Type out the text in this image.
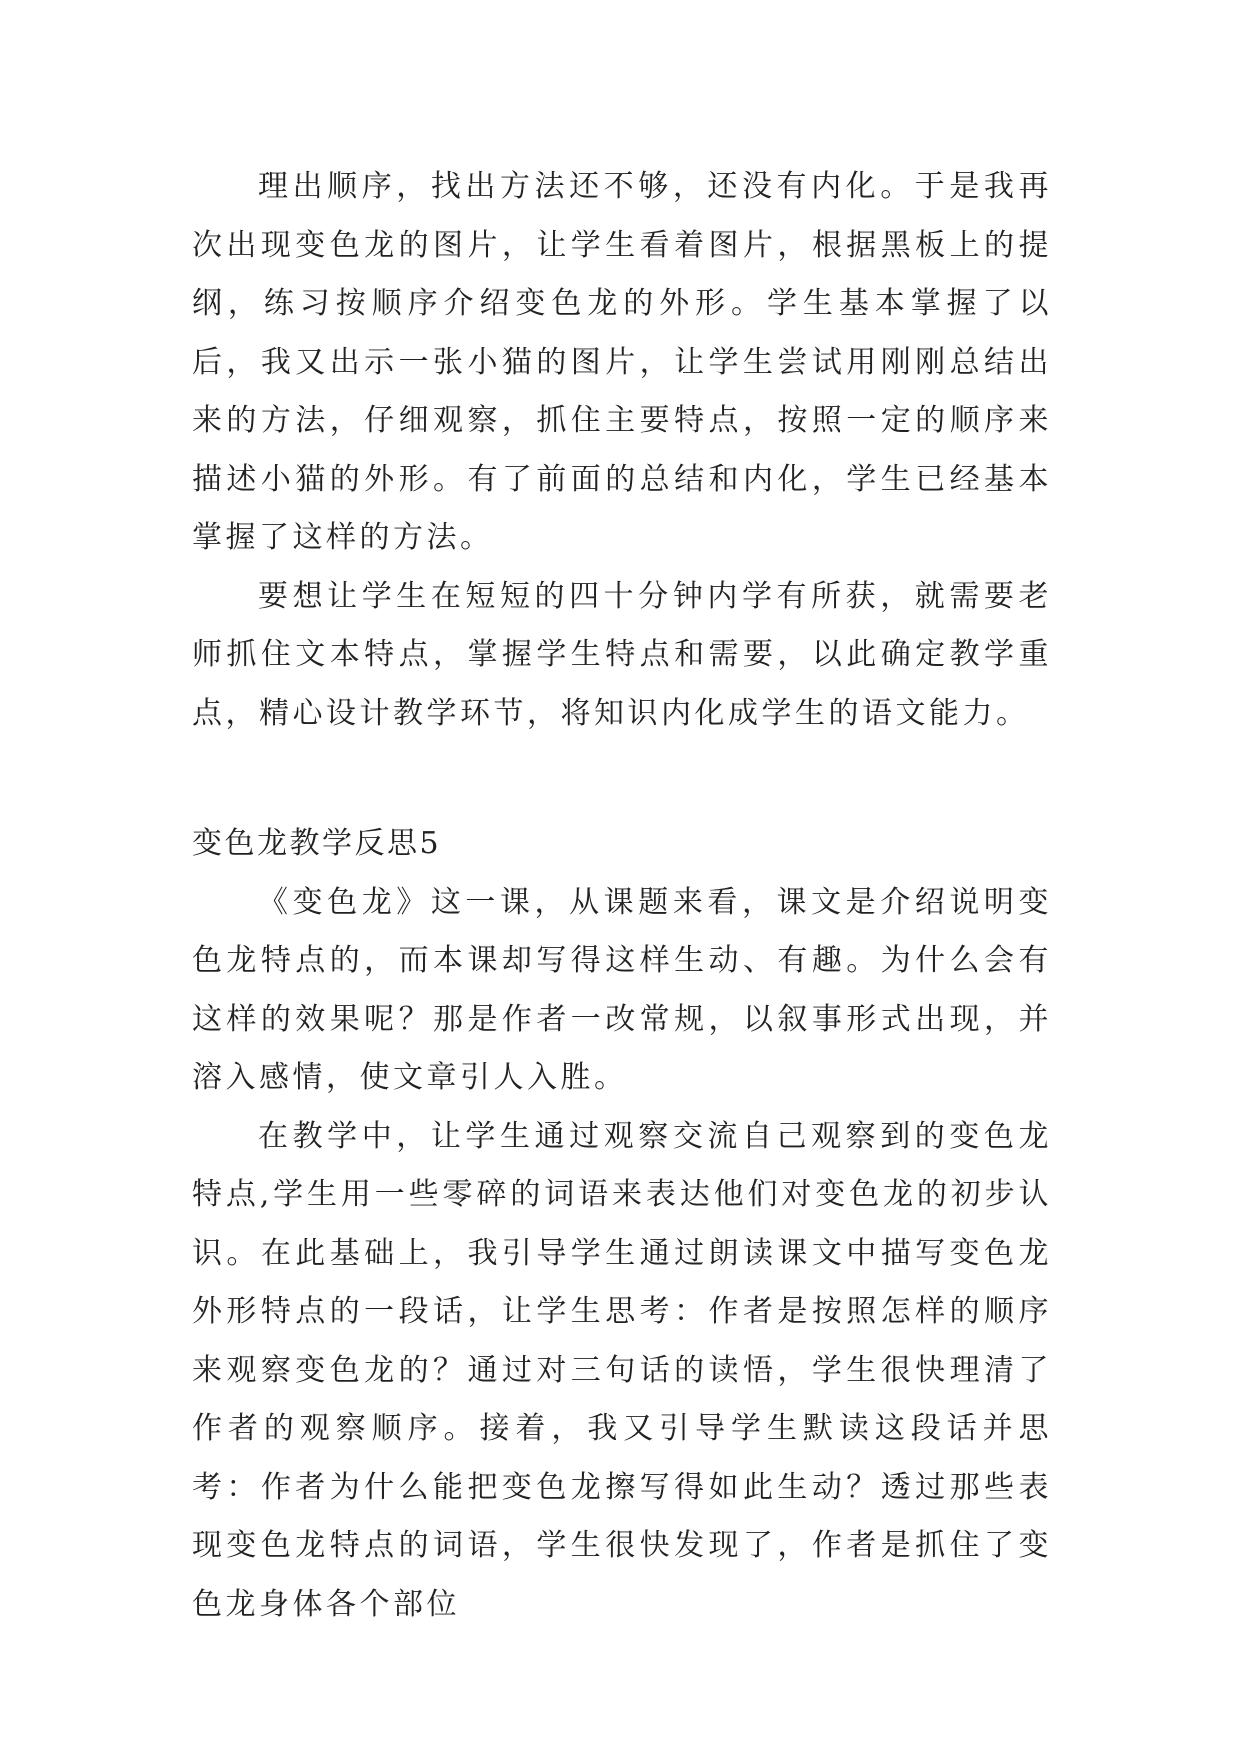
理出顺序，找出方法还不够，还没有内化。于是我再次出现变色龙的图片，让学生看着图片，根据黑板上的提纲，练习按顺序介绍变色龙的外形。学生基本掌握了以后，我又出示一张小猫的图片，让学生尝试用刚刚总结出来的方法，仔细观察，抓住主要特点，按照一定的顺序来描述小猫的外形。有了前面的总结和内化，学生已经基本掌握了这样的方法。

要想让学生在短短的四十分钟内学有所获，就需要老师抓住文本特点，掌握学生特点和需要，以此确定教学重点，精心设计教学环节，将知识内化成学生的语文能力。

变色龙教学反思5

《变色龙》这一课，从课题来看，课文是介绍说明变色龙特点的，而本课却写得这样生动、有趣。为什么会有这样的效果呢？那是作者一改常规，以叙事形式出现，并溶入感情，使文章引人入胜。

在教学中，让学生通过观察交流自己观察到的变色龙特点,学生用一些零碎的词语来表达他们对变色龙的初步认识。在此基础上，我引导学生通过朗读课文中描写变色龙外形特点的一段话，让学生思考：作者是按照怎样的顺序来观察变色龙的？通过对三句话的读悟，学生很快理清了作者的观察顺序。接着，我又引导学生默读这段话并思考：作者为什么能把变色龙擦写得如此生动？透过那些表现变色龙特点的词语，学生很快发现了，作者是抓住了变色龙身体各个部位
